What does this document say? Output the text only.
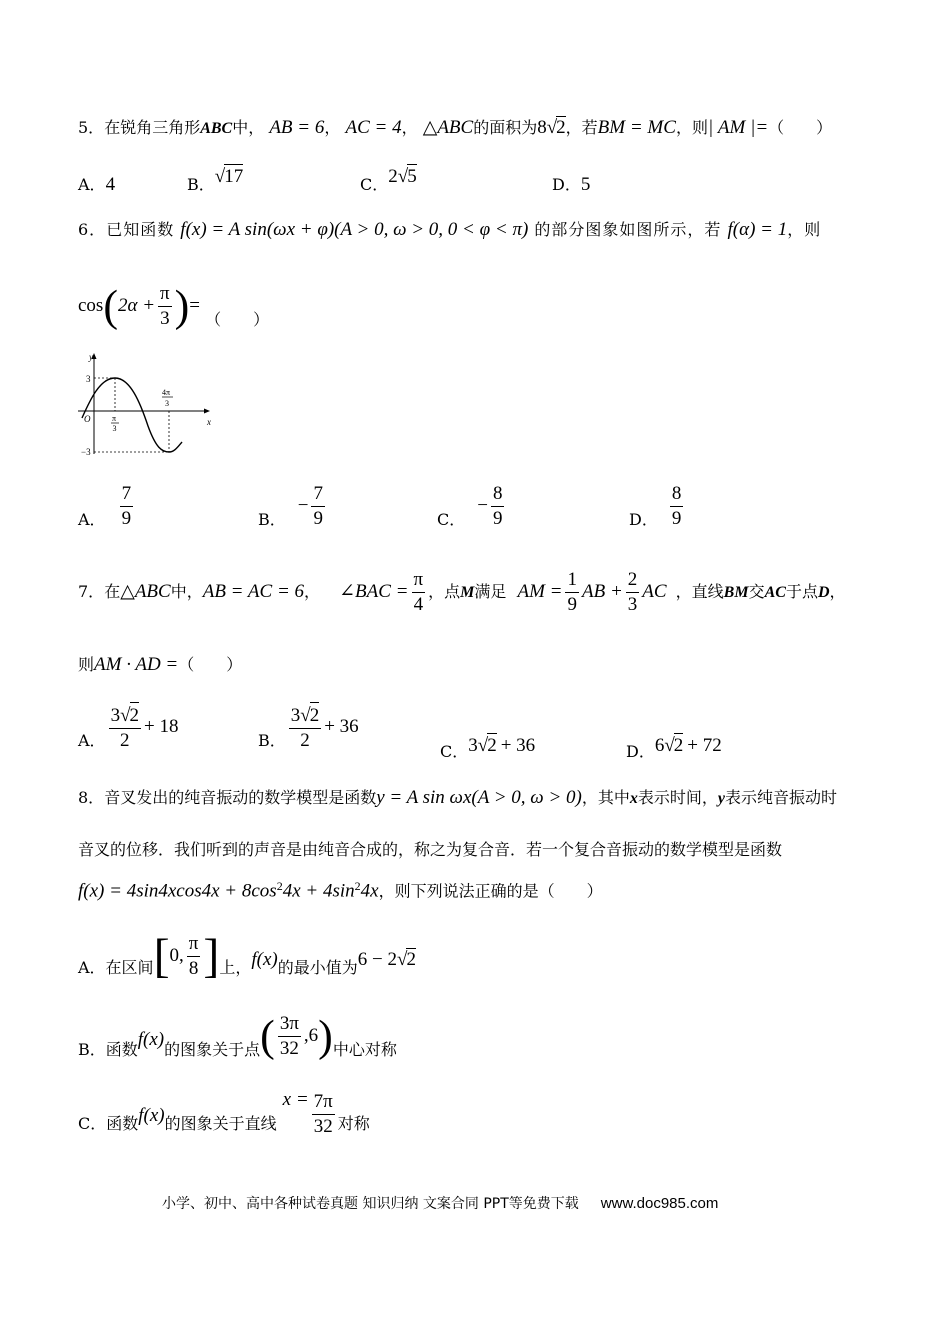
5．在锐角三角形ABC中， AB = 6， AC = 4， △ABC的面积为8√2，若BM = MC，则| AM |=（　　）
A．4	B．√17	C．2√5	D．5
6．已知函数 f(x) = A sin(ωx + φ)(A > 0, ω > 0, 0 < φ < π) 的部分图象如图所示，若 f(α) = 1，则
$\cos(2\alpha + \frac{\pi}{3}$ )= （　　）
y
x
O
3
−3
π
3
4π
3
A． $\frac{7}{9}$	B．− $\frac{7}{9}$	C．− $\frac{8}{9}$	D． $\frac{8}{9}$
7．在△ABC中，AB = AC = 6， ∠BAC = $\frac{\pi}{4}$ ，点M满足 AM = $\frac{1}{9}$ AB + $\frac{2}{3}$ AC ，直线BM交AC于点D，
则AM · AD =（　　）
A． $\frac{3√2}{2} + 18$
B． $\frac{3√2}{2} + 36$
C．3√2 + 36	D．6√2 + 72
8．音叉发出的纯音振动的数学模型是函数y = A sin ωx(A > 0, ω > 0)，其中x表示时间，y表示纯音振动时
音叉的位移．我们听到的声音是由纯音合成的，称之为复合音．若一个复合音振动的数学模型是函数
$f(x) = 4\sin 4xcos4x + 8\cos^24x + 4\sin^24x$，则下列说法正确的是（　　）
A．在区间[0, $\frac{\pi}{8}$ ]上，f(x)的最小值为6 − 2√2
B．函数f(x)的图象关于点( $\frac{3\pi}{32} ,6$)中心对称
C．函数f(x)的图象关于直线$x = \frac{7\pi}{32}$ 对称
小学、初中、高中各种试卷真题 知识归纳 文案合同 PPT等免费下载 www.doc985.com
